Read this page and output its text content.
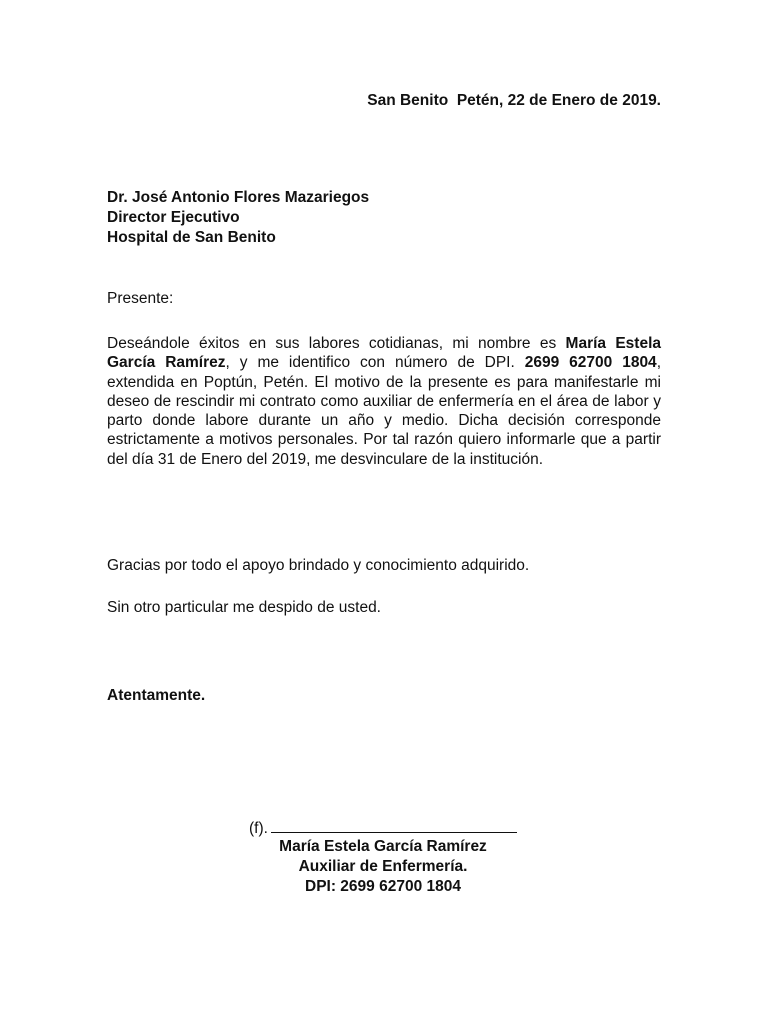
San Benito  Petén, 22 de Enero de 2019.
Dr. José Antonio Flores Mazariegos
Director Ejecutivo
Hospital de San Benito
Presente:
Deseándole éxitos en sus labores cotidianas, mi nombre es María Estela García Ramírez, y me identifico con número de DPI. 2699 62700 1804, extendida en Poptún, Petén. El motivo de la presente es para manifestarle mi deseo de rescindir mi contrato como auxiliar de enfermería en el área de labor y parto donde labore durante un año y medio. Dicha decisión corresponde estrictamente a motivos personales. Por tal razón quiero informarle que a partir del día 31 de Enero del 2019, me desvinculare de la institución.
Gracias por todo el apoyo brindado y conocimiento adquirido.
Sin otro particular me despido de usted.
Atentamente.
(f).
María Estela García Ramírez
Auxiliar de Enfermería.
DPI: 2699 62700 1804
